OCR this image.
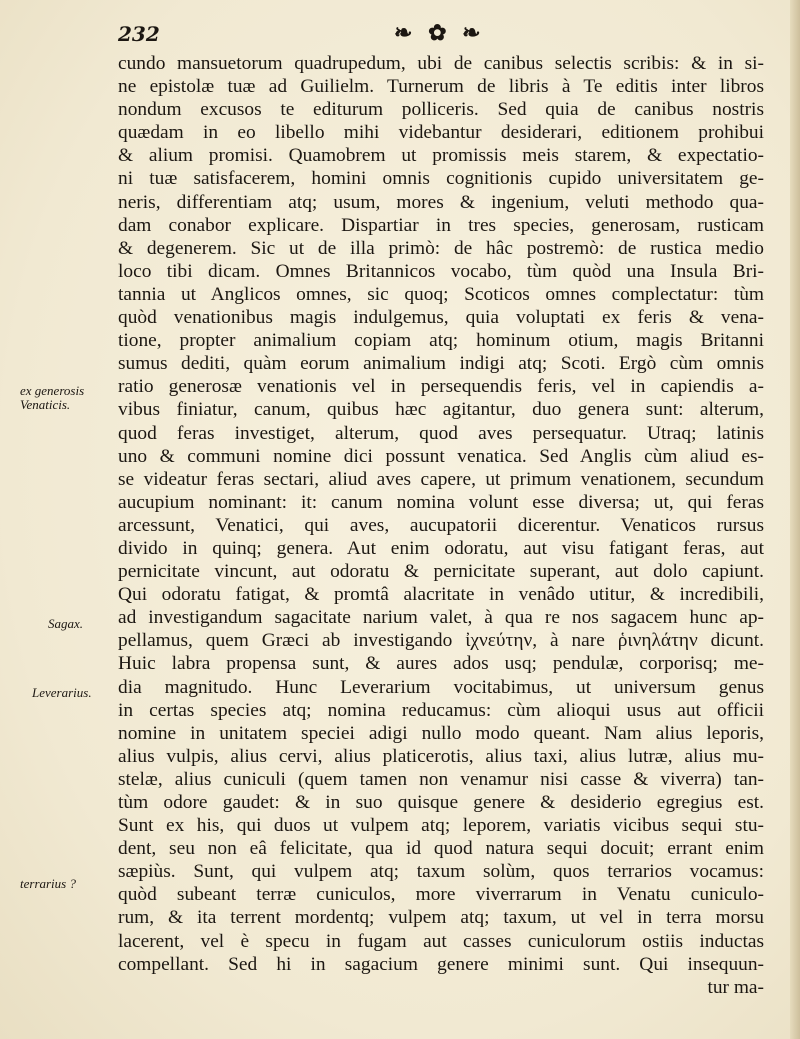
232	❧ ✿ ❧
ex generosis Venaticis.
Sagax.
Leverarius.
terrarius ?
cundo mansuetorum quadrupedum, ubi de canibus selectis scribis: & in si-
ne epistolæ tuæ ad Guilielm. Turnerum de libris à Te editis inter libros
nondum excusos te editurum polliceris. Sed quia de canibus nostris
quædam in eo libello mihi videbantur desiderari, editionem prohibui
& alium promisi. Quamobrem ut promissis meis starem, & expectatio-
ni tuæ satisfacerem, homini omnis cognitionis cupido universitatem ge-
neris, differentiam atq; usum, mores & ingenium, veluti methodo qua-
dam conabor explicare. Dispartiar in tres species, generosam, rusticam
& degenerem. Sic ut de illa primò: de hâc postremò: de rustica medio
loco tibi dicam. Omnes Britannicos vocabo, tùm quòd una Insula Bri-
tannia ut Anglicos omnes, sic quoq; Scoticos omnes complectatur: tùm
quòd venationibus magis indulgemus, quia voluptati ex feris & vena-
tione, propter animalium copiam atq; hominum otium, magis Britanni
sumus dediti, quàm eorum animalium indigi atq; Scoti. Ergò cùm omnis
ratio generosæ venationis vel in persequendis feris, vel in capiendis a-
vibus finiatur, canum, quibus hæc agitantur, duo genera sunt: alterum,
quod feras investiget, alterum, quod aves persequatur. Utraq; latinis
uno & communi nomine dici possunt venatica. Sed Anglis cùm aliud es-
se videatur feras sectari, aliud aves capere, ut primum venationem, secundum
aucupium nominant: it: canum nomina volunt esse diversa; ut, qui feras
arcessunt, Venatici, qui aves, aucupatorii dicerentur. Venaticos rursus
divido in quinq; genera. Aut enim odoratu, aut visu fatigant feras, aut
pernicitate vincunt, aut odoratu & pernicitate superant, aut dolo capiunt.
Qui odoratu fatigat, & promtâ alacritate in venâdo utitur, & incredibili,
ad investigandum sagacitate narium valet, à qua re nos sagacem hunc ap-
pellamus, quem Græci ab investigando ἰχνεύτην, à nare ῥινηλάτην dicunt.
Huic labra propensa sunt, & aures ados usq; pendulæ, corporisq; me-
dia magnitudo. Hunc Leverarium vocitabimus, ut universum genus
in certas species atq; nomina reducamus: cùm alioqui usus aut officii
nomine in unitatem speciei adigi nullo modo queant. Nam alius leporis,
alius vulpis, alius cervi, alius platicerotis, alius taxi, alius lutræ, alius mu-
stelæ, alius cuniculi (quem tamen non venamur nisi casse & viverra) tan-
tùm odore gaudet: & in suo quisque genere & desiderio egregius est.
Sunt ex his, qui duos ut vulpem atq; leporem, variatis vicibus sequi stu-
dent, seu non eâ felicitate, qua id quod natura sequi docuit; errant enim
sæpiùs. Sunt, qui vulpem atq; taxum solùm, quos terrarios vocamus:
quòd subeant terræ cuniculos, more viverrarum in Venatu cuniculo-
rum, & ita terrent mordentq; vulpem atq; taxum, ut vel in terra morsu
lacerent, vel è specu in fugam aut casses cuniculorum ostiis inductas
compellant. Sed hi in sagacium genere minimi sunt. Qui insequun-
tur ma-
